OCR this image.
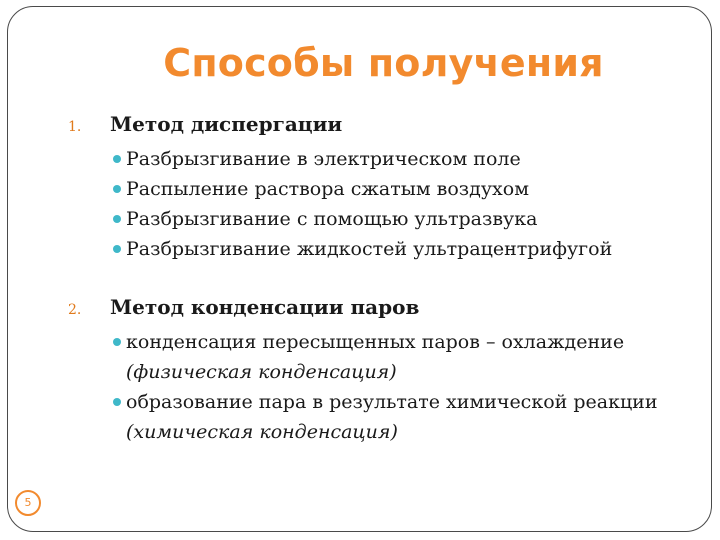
Способы получения
1.	Метод диспергации
Разбрызгивание в электрическом поле
Распыление раствора сжатым воздухом
Разбрызгивание с помощью ультразвука
Разбрызгивание жидкостей ультрацентрифугой
2.	Метод конденсации паров
конденсация пересыщенных паров – охлаждение (физическая конденсация)
образование пара в результате химической реакции (химическая конденсация)
5
